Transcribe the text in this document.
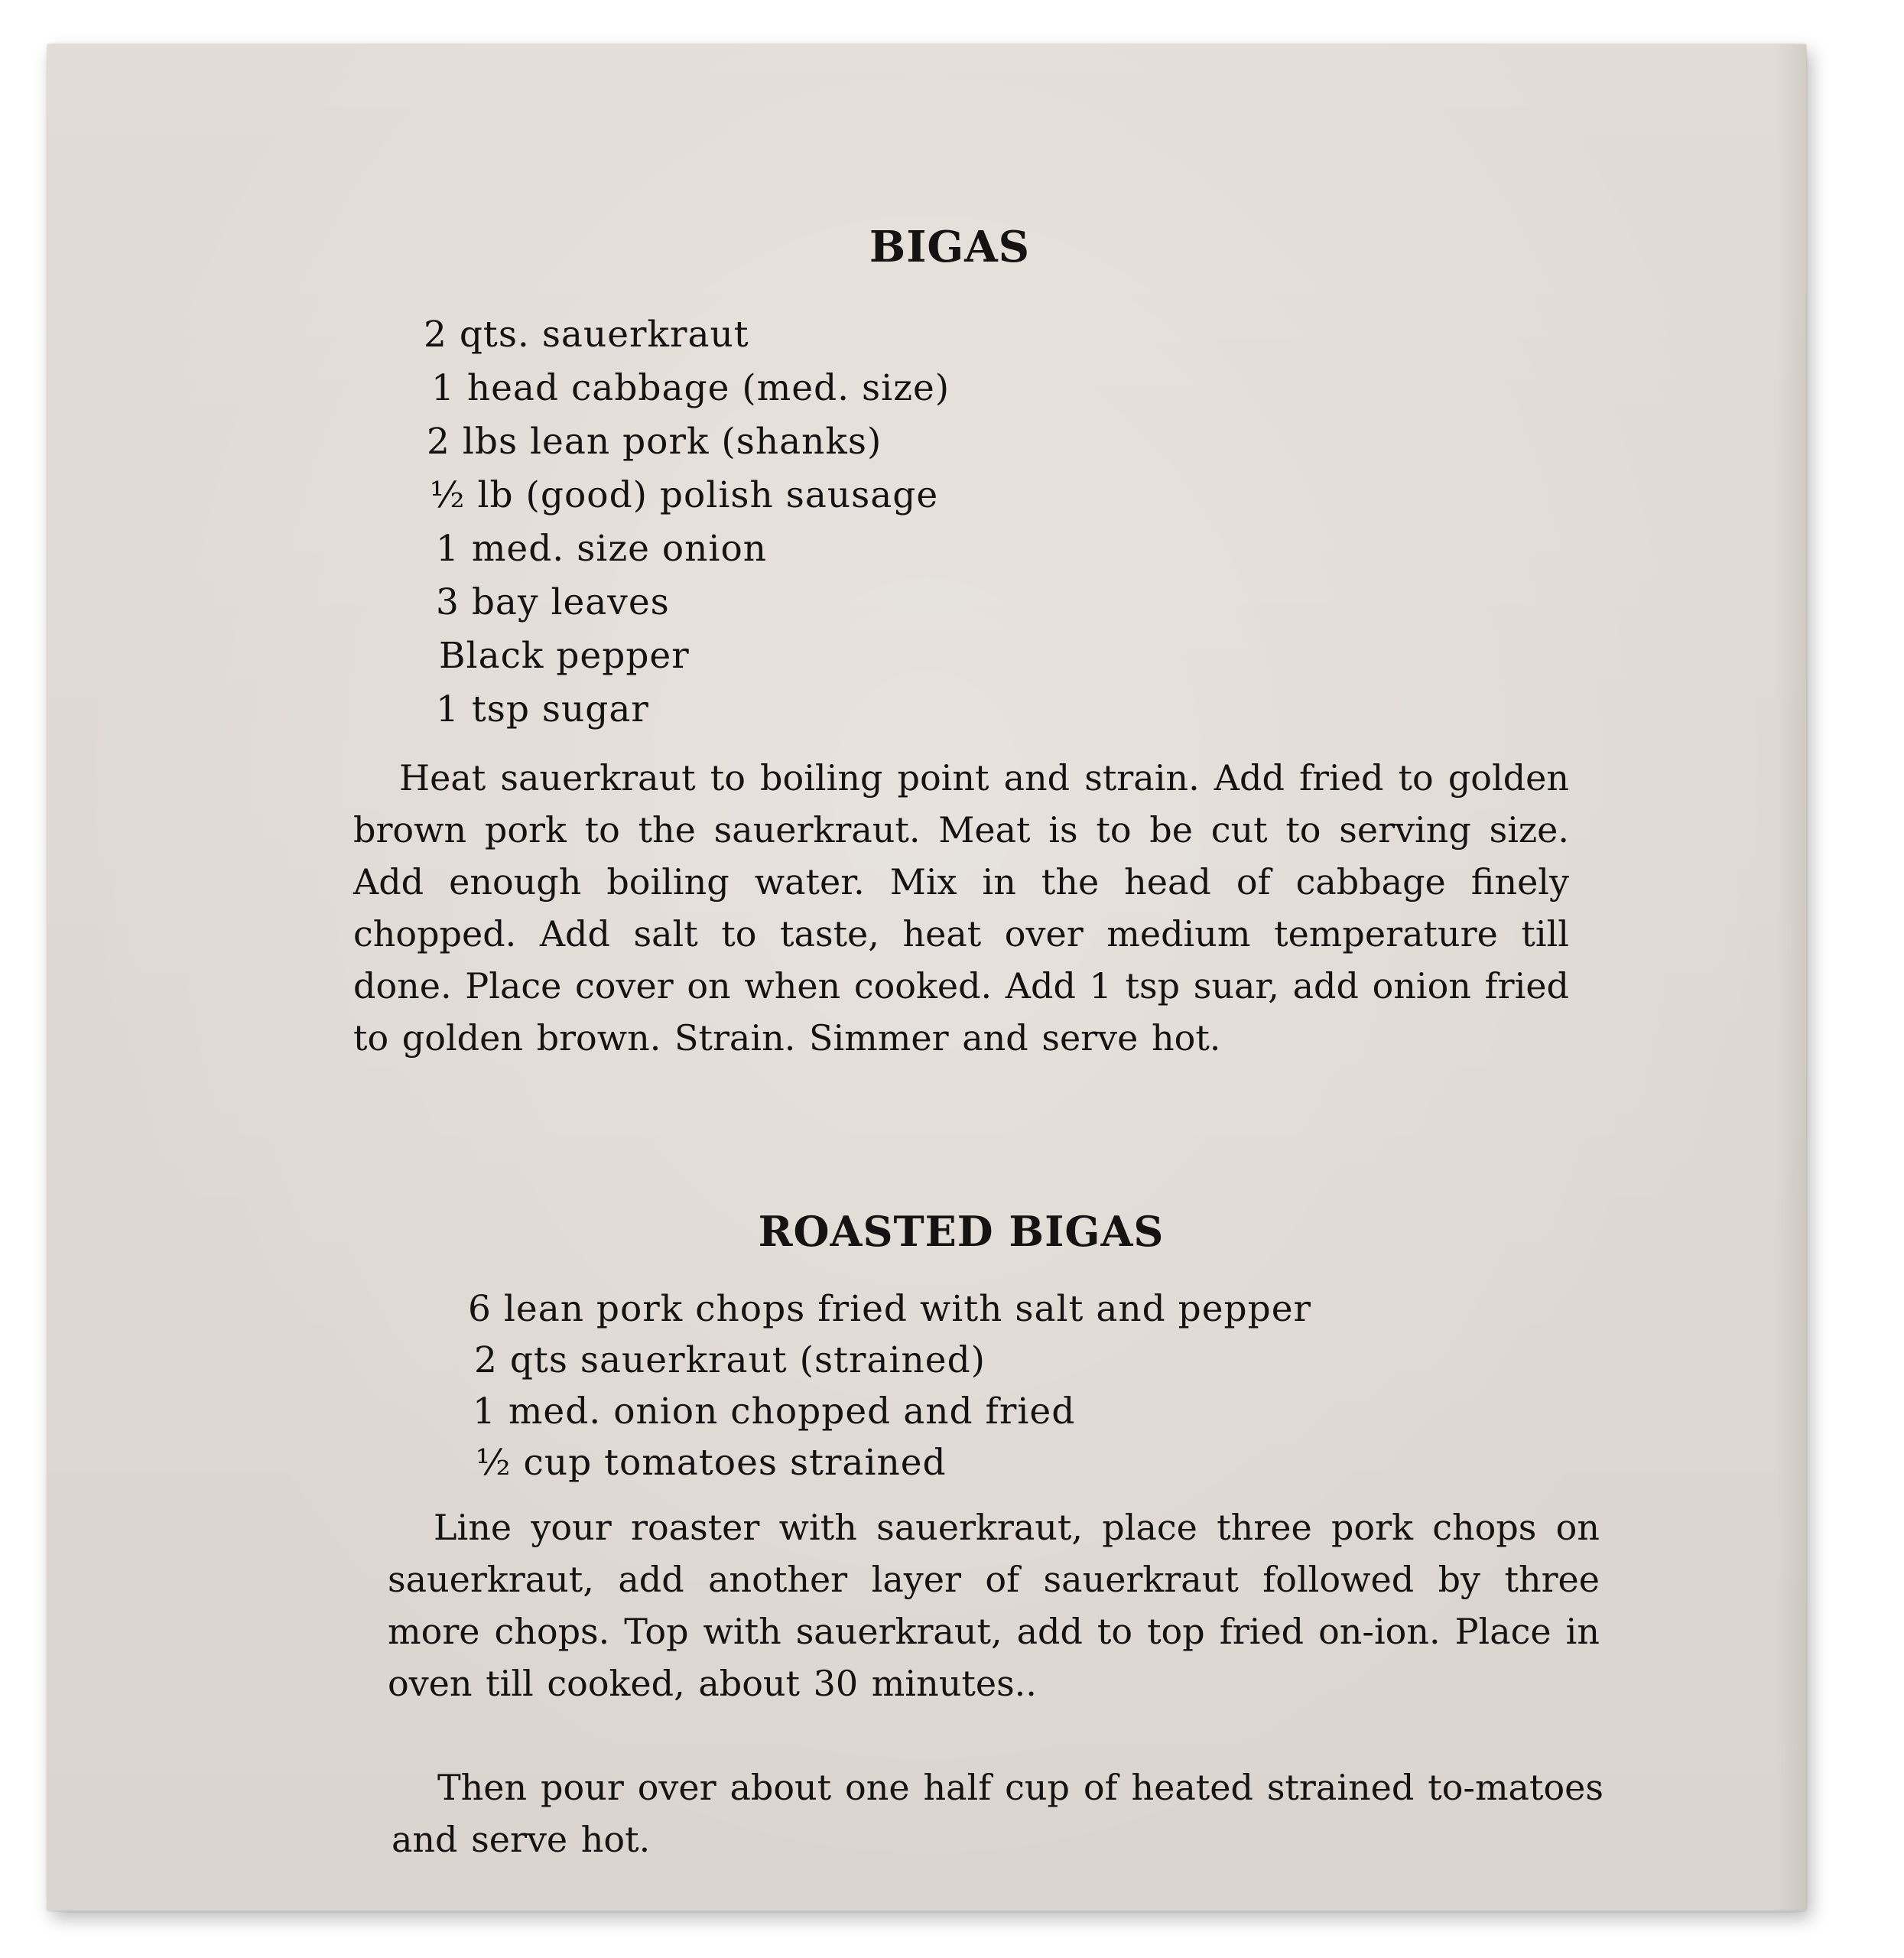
BIGAS
2 qts. sauerkraut
1 head cabbage (med. size)
2 lbs lean pork (shanks)
½ lb (good) polish sausage
1 med. size onion
3 bay leaves
Black pepper
1 tsp sugar

Heat sauerkraut to boiling point and strain. Add fried to golden brown pork to the sauerkraut. Meat is to be cut to serving size. Add enough boiling water. Mix in the head of cabbage finely chopped. Add salt to taste, heat over medium temperature till done. Place cover on when cooked. Add 1 tsp suar, add onion fried to golden brown. Strain. Simmer and serve hot.

ROASTED BIGAS
6 lean pork chops fried with salt and pepper
2 qts sauerkraut (strained)
1 med. onion chopped and fried
½ cup tomatoes strained

Line your roaster with sauerkraut, place three pork chops on sauerkraut, add another layer of sauerkraut followed by three more chops. Top with sauerkraut, add to top fried on-ion. Place in oven till cooked, about 30 minutes..

Then pour over about one half cup of heated strained to-matoes and serve hot.
